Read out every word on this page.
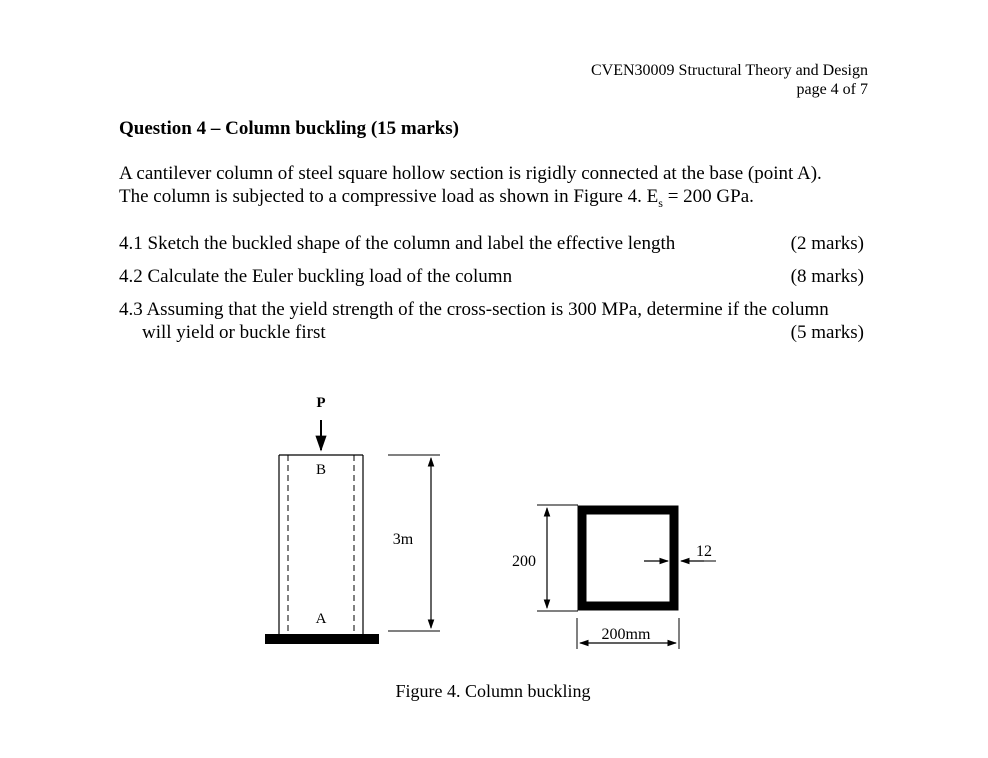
CVEN30009 Structural Theory and Design
page 4 of 7
Question 4 – Column buckling (15 marks)
A cantilever column of steel square hollow section is rigidly connected at the base (point A).
The column is subjected to a compressive load as shown in Figure 4. $E_s = 200$ GPa.
4.1 Sketch the buckled shape of the column and label the effective length	(2 marks)
4.2 Calculate the Euler buckling load of the column	(8 marks)
4.3 Assuming that the yield strength of the cross-section is 300 MPa, determine if the column
will yield or buckle first	(5 marks)
P
B
A
3m
200
200mm
12
Figure 4. Column buckling
